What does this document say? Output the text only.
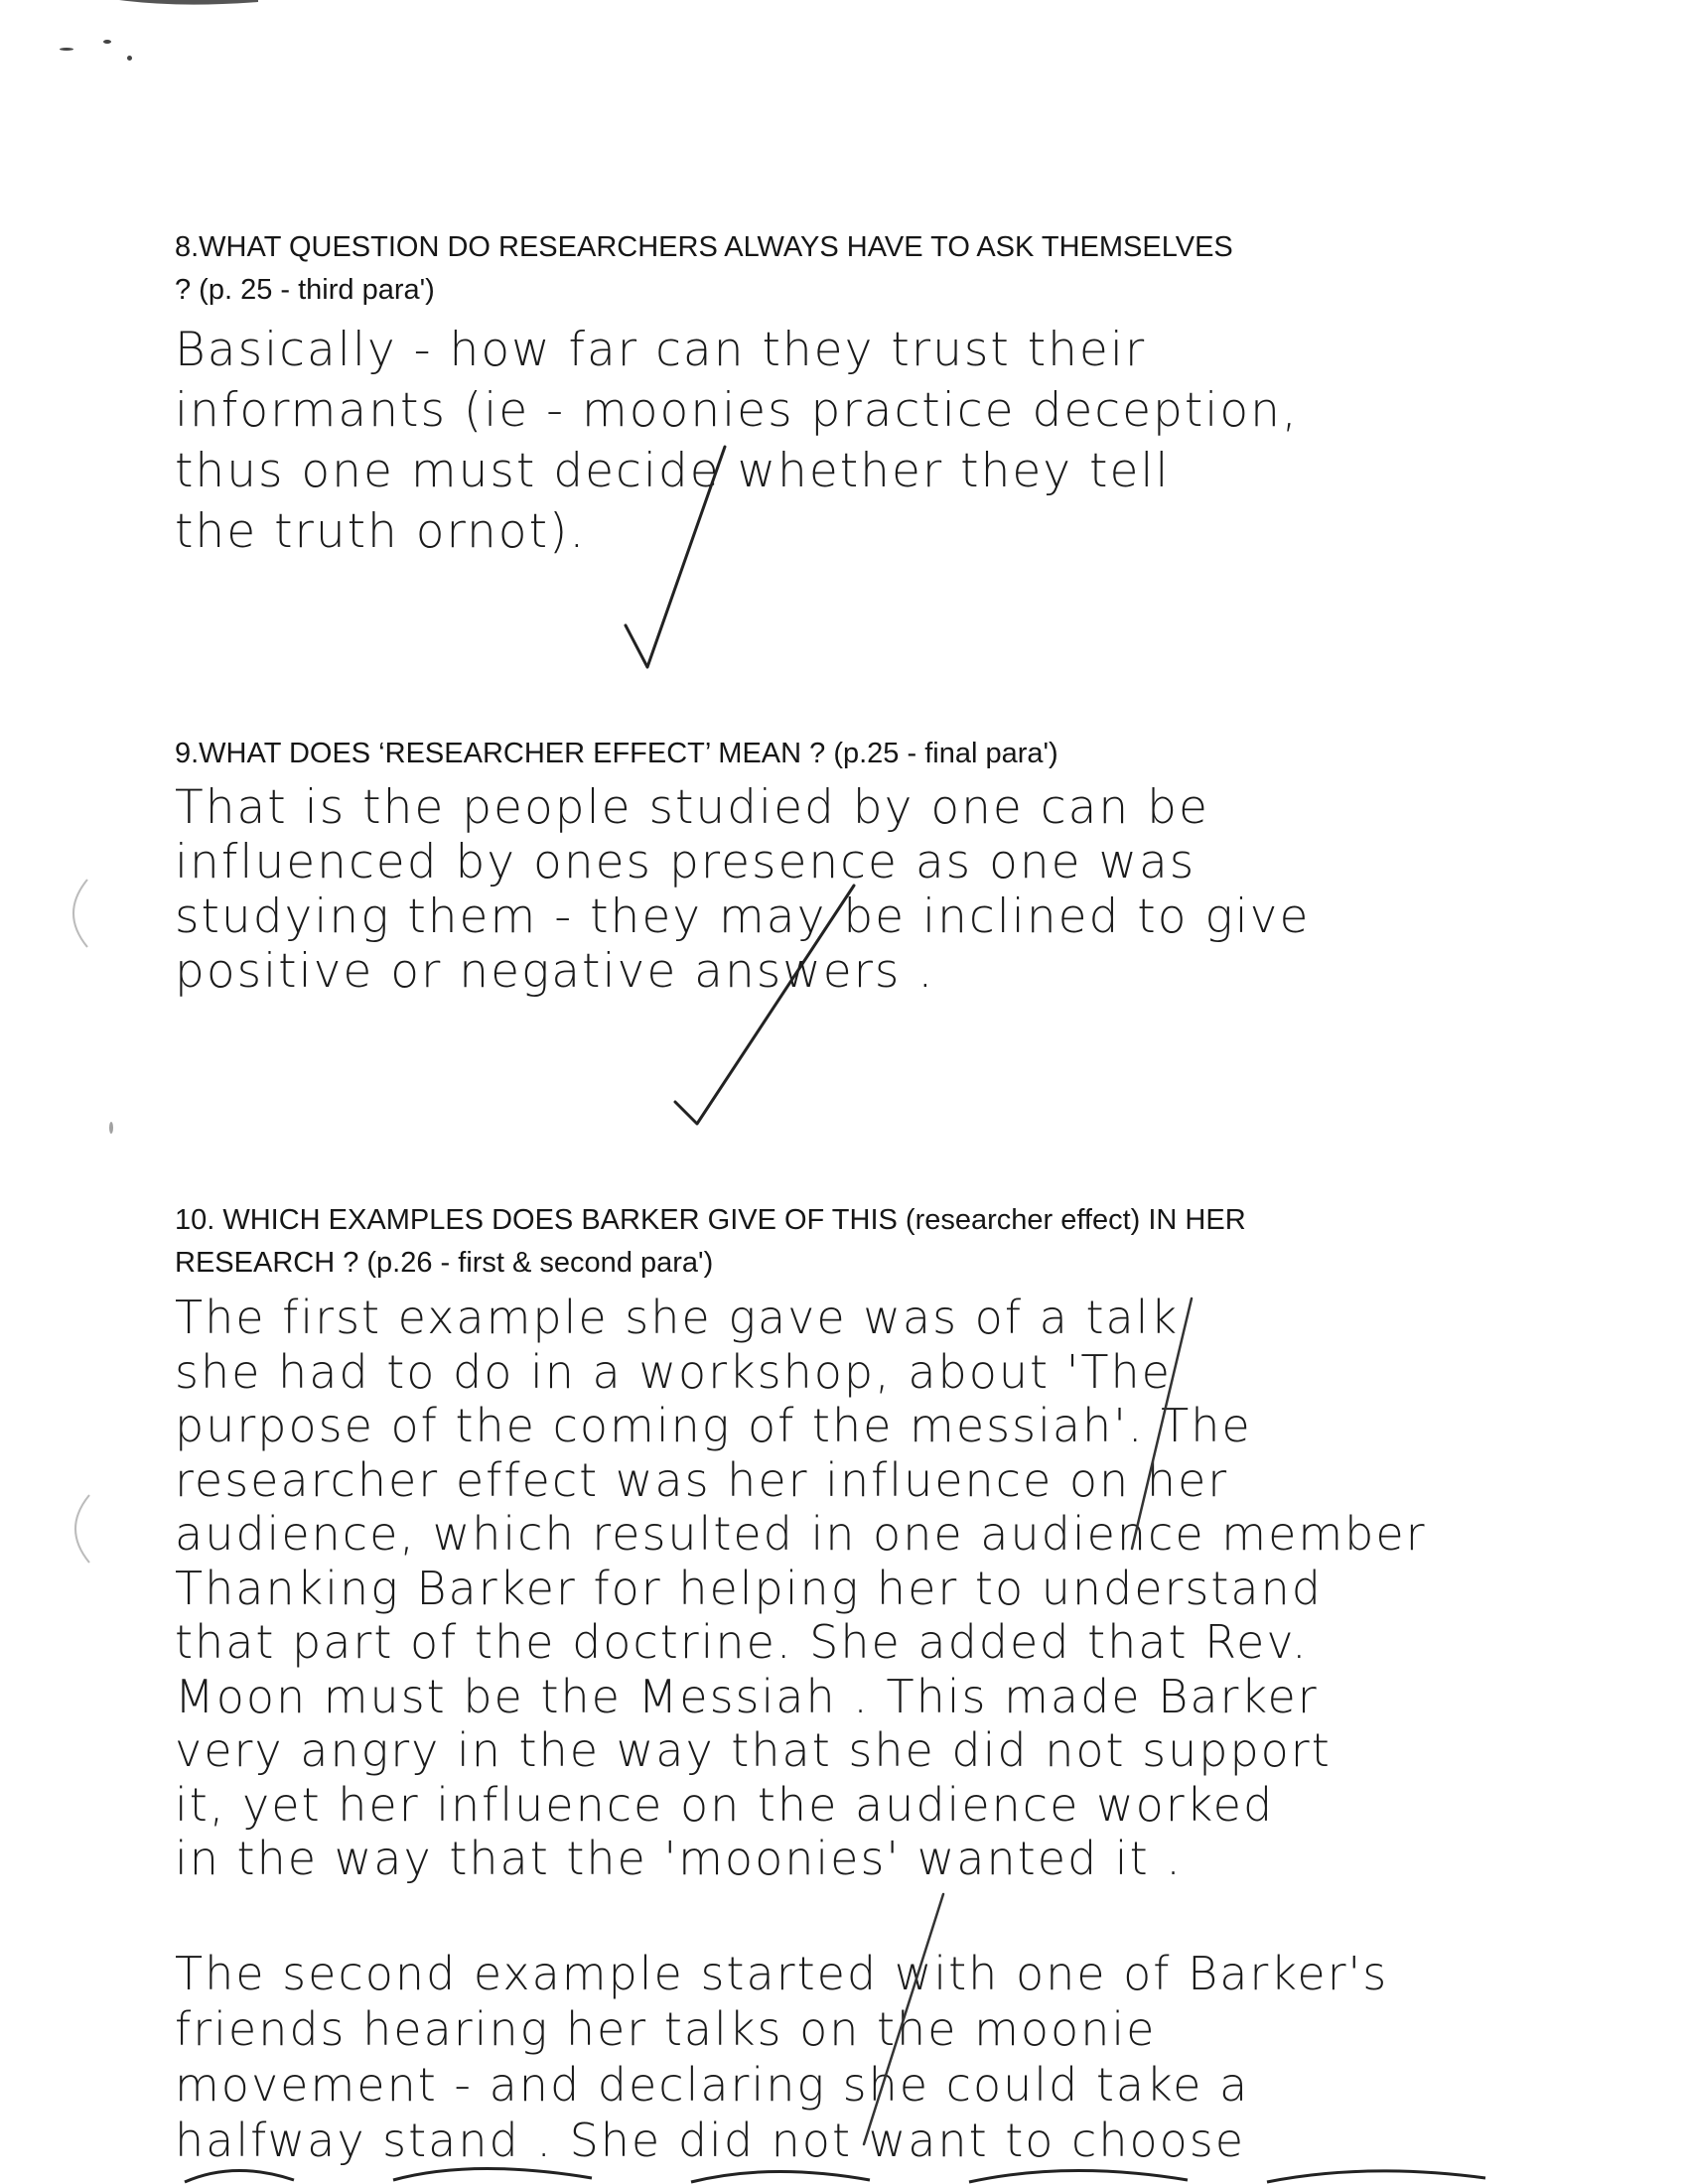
8.WHAT QUESTION DO RESEARCHERS ALWAYS HAVE TO ASK THEMSELVES
? (p. 25 - third para')
Basically - how far can they trust their
informants (ie - moonies practice deception,
thus one must decide whether they tell
the truth ornot).
9.WHAT DOES ‘RESEARCHER EFFECT’ MEAN ? (p.25 - final para')
That is the people studied by one can be
influenced by ones presence as one was
studying them - they may be inclined to give
positive or negative answers .
10. WHICH EXAMPLES DOES BARKER GIVE OF THIS (researcher effect) IN HER
RESEARCH ? (p.26 - first & second para')
The first example she gave was of a talk
she had to do in a workshop, about 'The
purpose of the coming of the messiah'. The
researcher effect was her influence on her
audience, which resulted in one audience member
Thanking Barker for helping her to understand
that part of the doctrine. She added that Rev.
Moon must be the Messiah . This made Barker
very angry in the way that she did not support
it, yet her influence on the audience worked
in the way that the 'moonies' wanted it .
The second example started with one of Barker's
friends hearing her talks on the moonie
movement - and declaring she could take a
halfway stand . She did not want to choose
